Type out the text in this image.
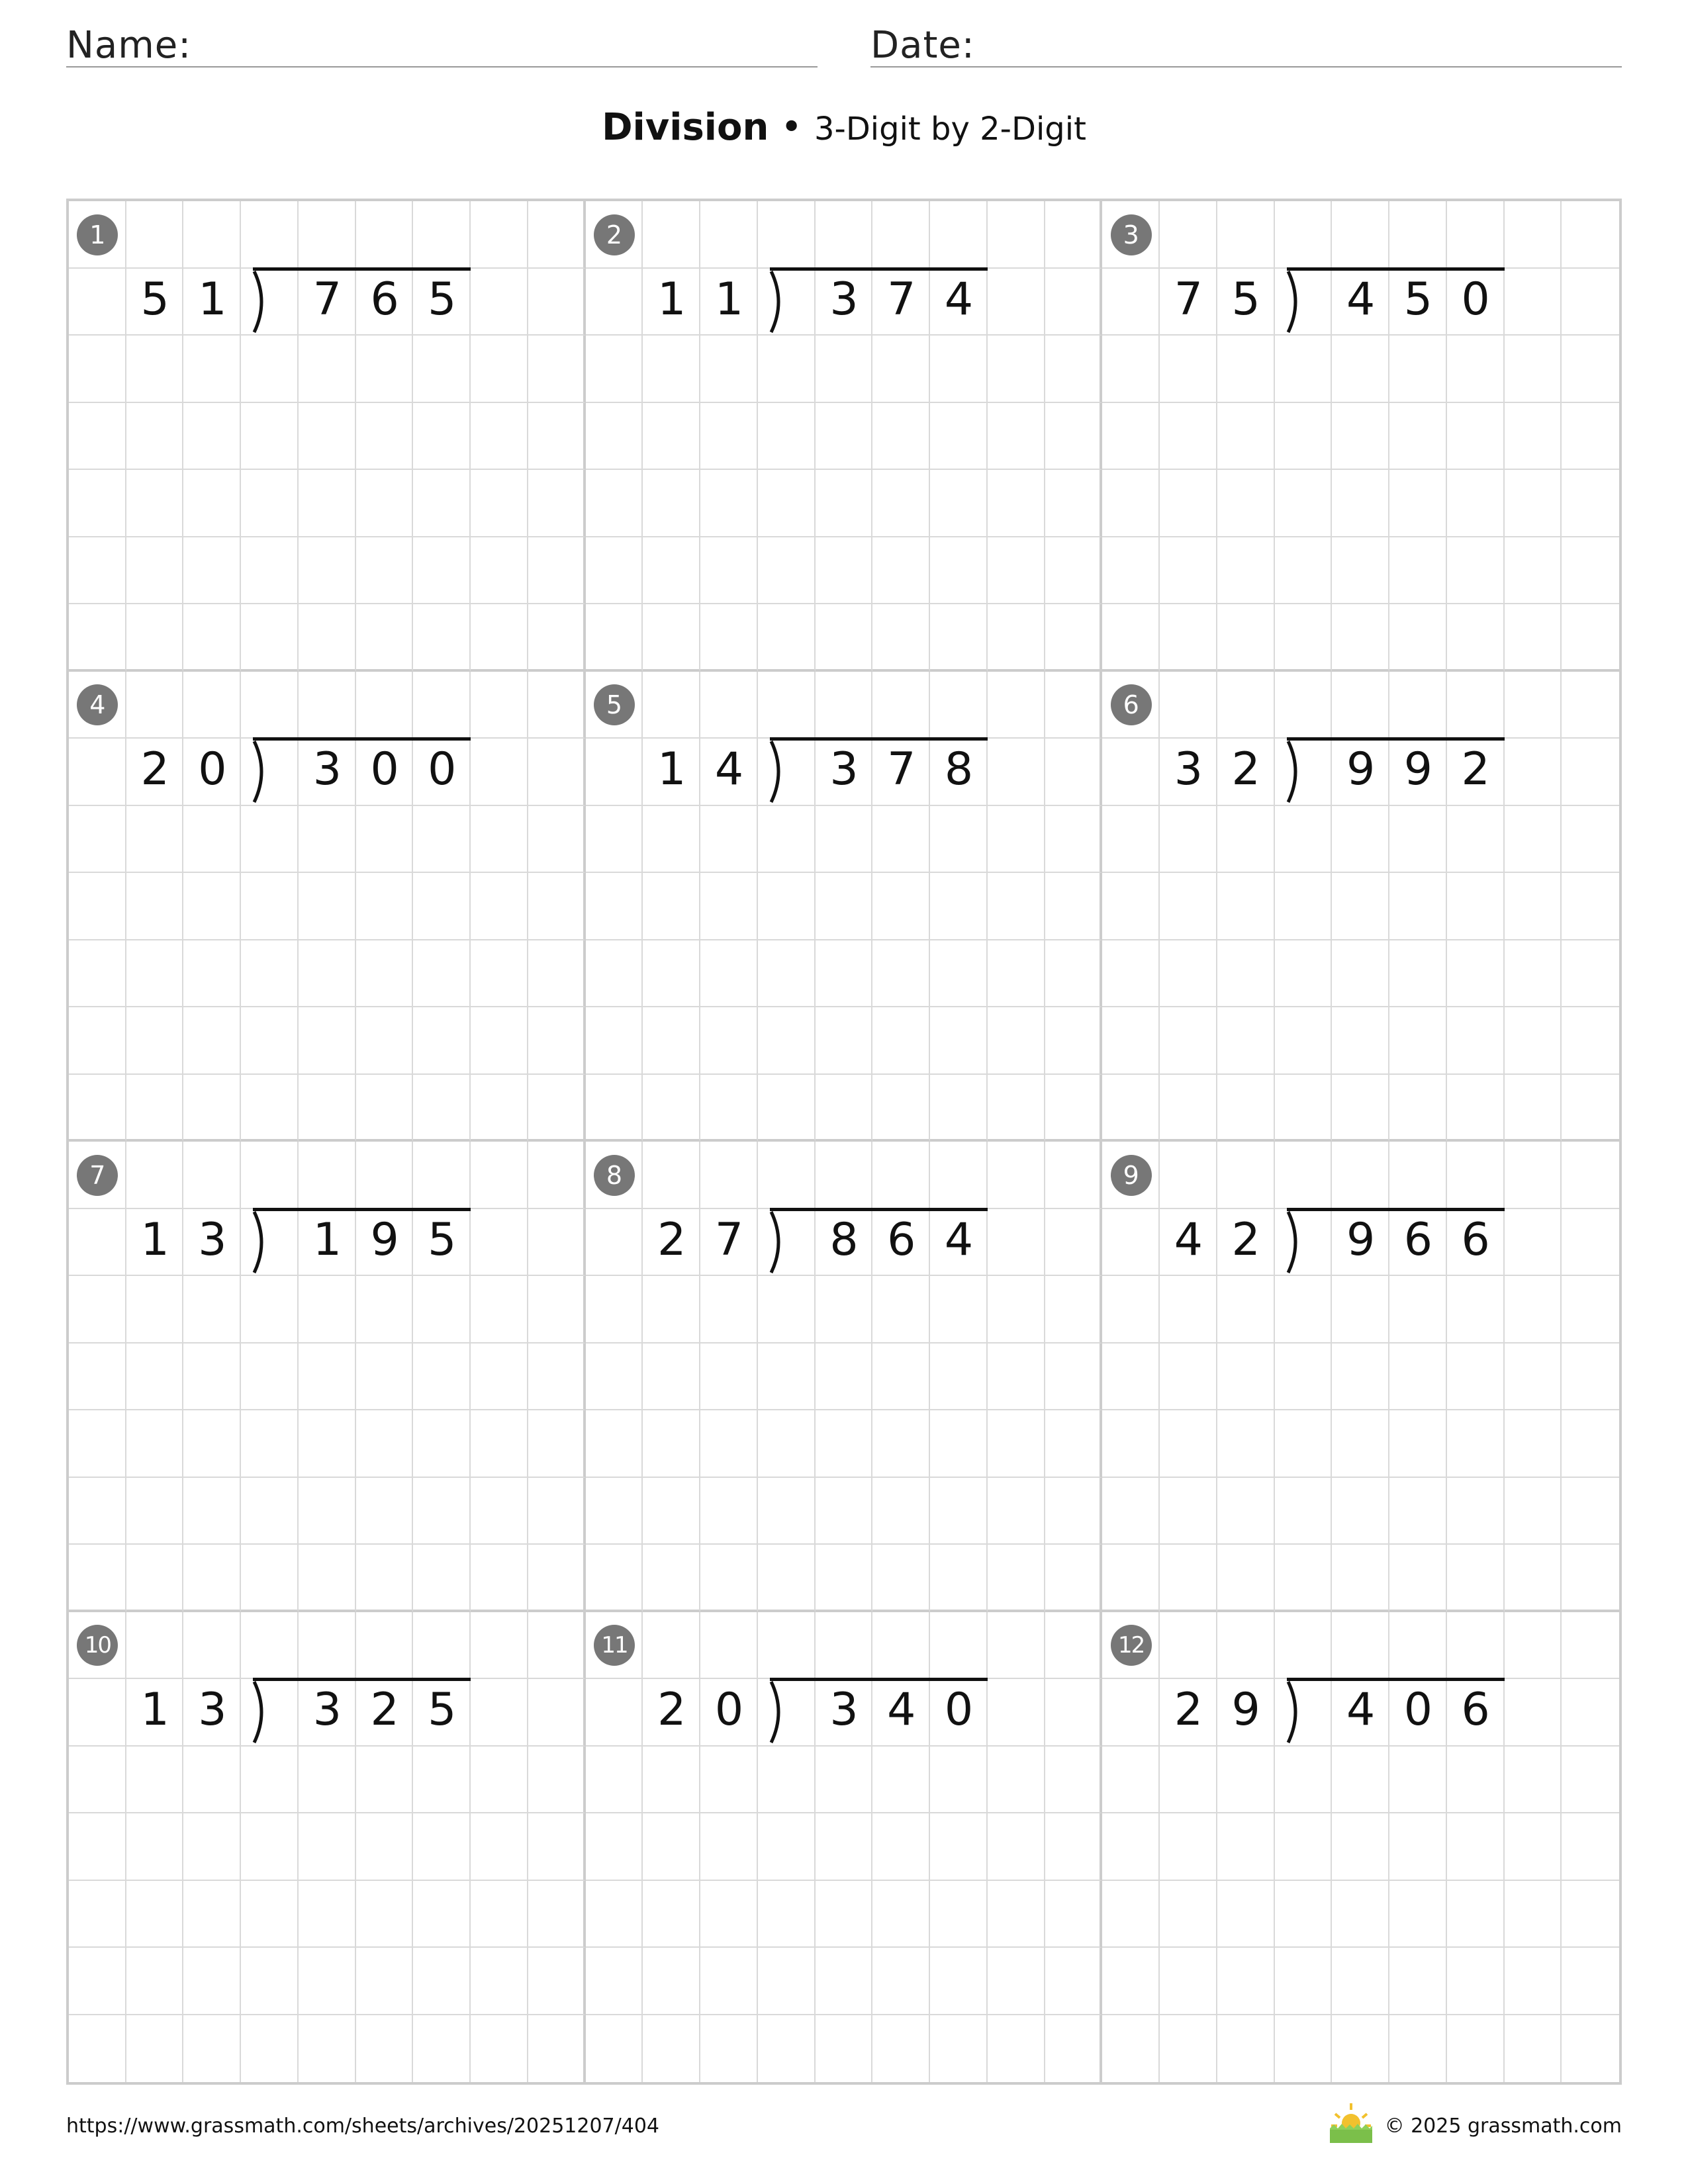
Name:	Date:
Division • 3-Digit by 2-Digit
1
5 1	7 6 5
2
1 1	3 7 4
3
7 5	4 5 0
4
2 0	3 0 0
5
1 4	3 7 8
6
3 2	9 9 2
7
1 3	1 9 5
8
2 7	8 6 4
9
4 2	9 6 6
10
1 3	3 2 5
11
2 0	3 4 0
12
2 9	4 0 6
https://www.grassmath.com/sheets/archives/20251207/404	© 2025 grassmath.com
